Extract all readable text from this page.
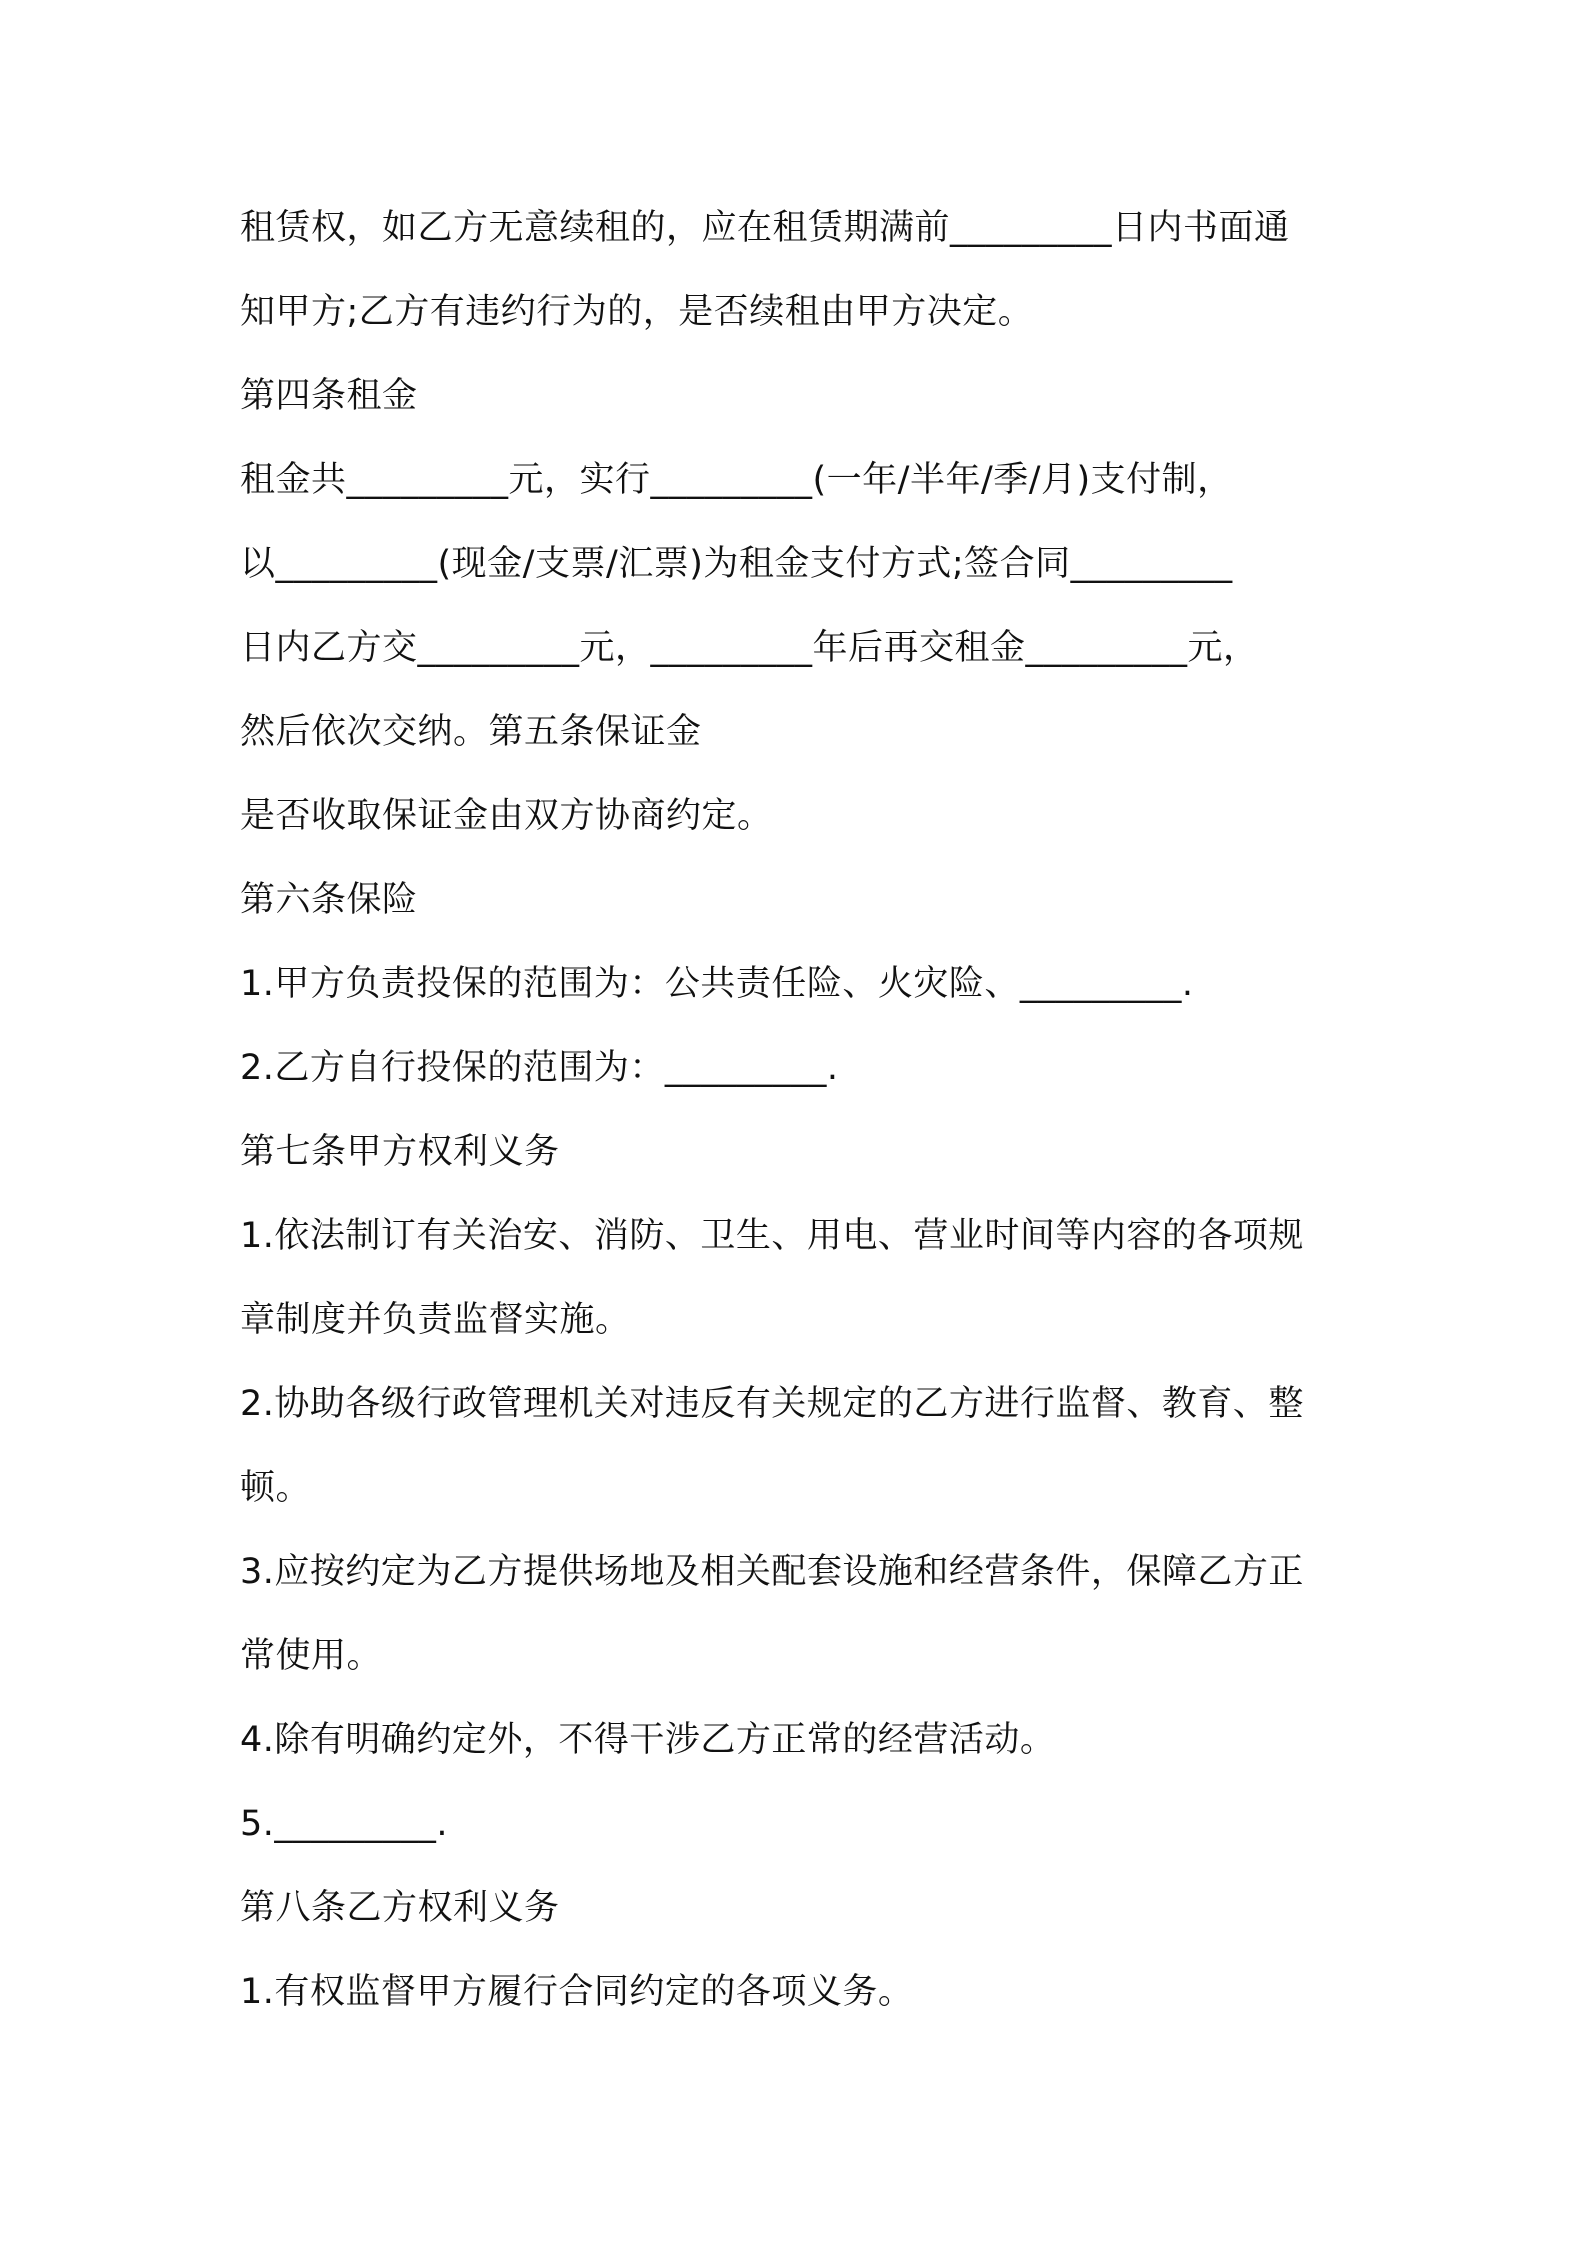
租赁权，如乙方无意续租的，应在租赁期满前_________日内书面通
知甲方;乙方有违约行为的，是否续租由甲方决定。
第四条租金
租金共_________元，实行_________(一年/半年/季/月)支付制，
以_________(现金/支票/汇票)为租金支付方式;签合同_________
日内乙方交_________元，_________年后再交租金_________元，
然后依次交纳。第五条保证金
是否收取保证金由双方协商约定。
第六条保险
1.甲方负责投保的范围为：公共责任险、火灾险、_________.
2.乙方自行投保的范围为：_________.
第七条甲方权利义务
1.依法制订有关治安、消防、卫生、用电、营业时间等内容的各项规
章制度并负责监督实施。
2.协助各级行政管理机关对违反有关规定的乙方进行监督、教育、整
顿。
3.应按约定为乙方提供场地及相关配套设施和经营条件，保障乙方正
常使用。
4.除有明确约定外，不得干涉乙方正常的经营活动。
5._________.
第八条乙方权利义务
1.有权监督甲方履行合同约定的各项义务。
